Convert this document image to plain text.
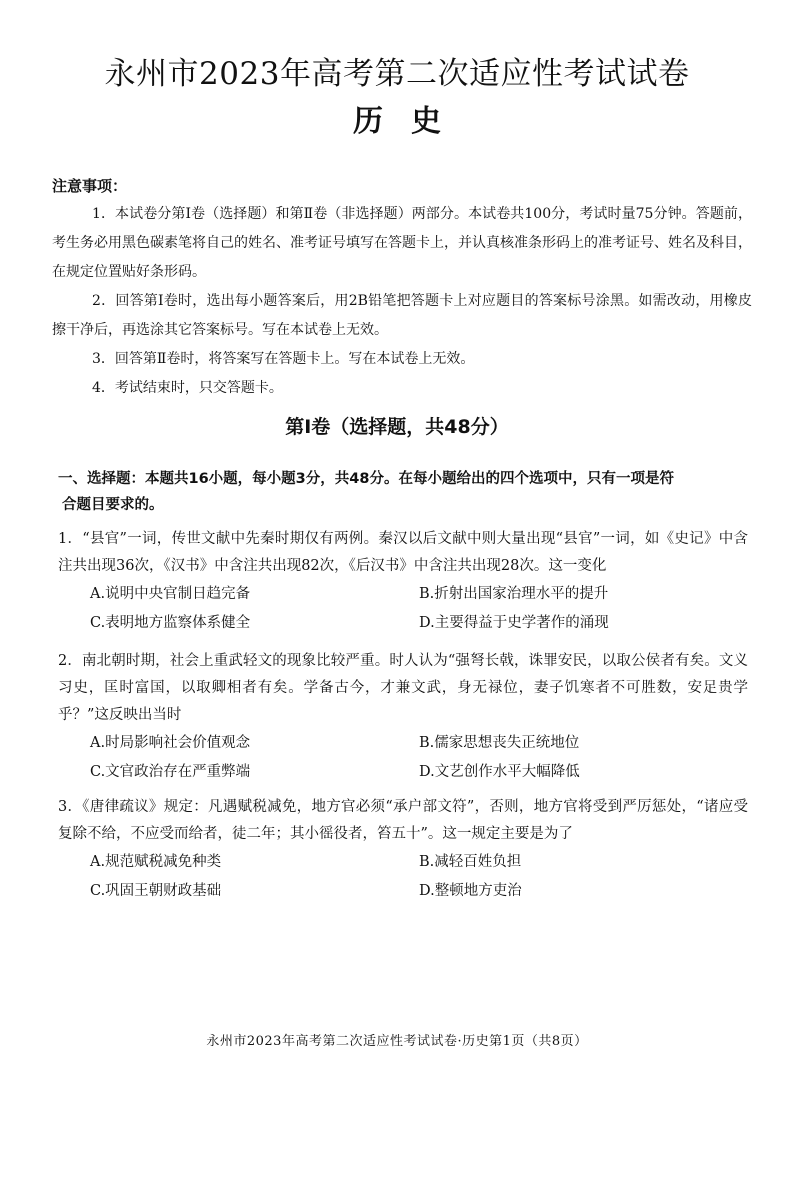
永州市2023年高考第二次适应性考试试卷
历史
注意事项：

1．本试卷分第Ⅰ卷（选择题）和第Ⅱ卷（非选择题）两部分。本试卷共100分，考试时量75分钟。答题前，考生务必用黑色碳素笔将自己的姓名、准考证号填写在答题卡上，并认真核准条形码上的准考证号、姓名及科目，在规定位置贴好条形码。

2．回答第Ⅰ卷时，选出每小题答案后，用2B铅笔把答题卡上对应题目的答案标号涂黑。如需改动，用橡皮擦干净后，再选涂其它答案标号。写在本试卷上无效。

3．回答第Ⅱ卷时，将答案写在答题卡上。写在本试卷上无效。

4．考试结束时，只交答题卡。

第Ⅰ卷（选择题，共48分）
一、选择题：本题共16小题，每小题3分，共48分。在每小题给出的四个选项中，只有一项是符
合题目要求的。

1．“县官”一词，传世文献中先秦时期仅有两例。秦汉以后文献中则大量出现“县官”一词，如《史记》中含注共出现36次，《汉书》中含注共出现82次，《后汉书》中含注共出现28次。这一变化

A.说明中央官制日趋完备	B.折射出国家治理水平的提升
C.表明地方监察体系健全	D.主要得益于史学著作的涌现

2．南北朝时期，社会上重武轻文的现象比较严重。时人认为“强弩长戟，诛罪安民，以取公侯者有矣。文义习史，匡时富国，以取卿相者有矣。学备古今，才兼文武，身无禄位，妻子饥寒者不可胜数，安足贵学乎？”这反映出当时

A.时局影响社会价值观念	B.儒家思想丧失正统地位
C.文官政治存在严重弊端	D.文艺创作水平大幅降低

3．《唐律疏议》规定：凡遇赋税减免，地方官必须“承户部文符”，否则，地方官将受到严厉惩处，“诸应受复除不给，不应受而给者，徒二年；其小徭役者，笞五十”。这一规定主要是为了

A.规范赋税减免种类	B.减轻百姓负担
C.巩固王朝财政基础	D.整顿地方吏治
永州市2023年高考第二次适应性考试试卷·历史第1页（共8页）
